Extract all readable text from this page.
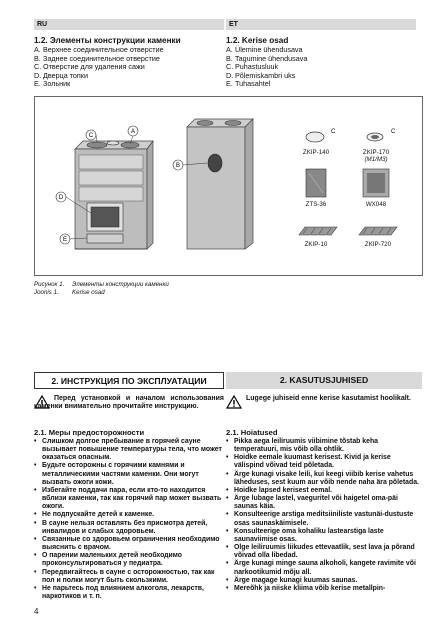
RU	ET
1.2. Элементы конструкции каменки
A. Верхнее соединительное отверстие
B. Заднее соединительное отверстие
C. Отверстие для удаления сажи
D. Дверца топки
E. Зольник
1.2. Kerise osad
A. Ülemine ühendusava
B. Tagumine ühendusava
C. Puhastusluuk
D. Põlemiskambri uks
E. Tuhasahtel
A
B
C
D
E
C	C
ZKIP-140	ZKIP-170
(M1/M3)
ZTS-36	WX048
ZKIP-10	ZKIP-720
Рисунок 1. Элементы конструкции каменки
Joonis 1. Kerise osad
2. ИНСТРУКЦИЯ ПО ЭКСПЛУАТАЦИИ	2. KASUTUSJUHISED
Перед установкой и началом использования каменки внимательно прочитайте инструкцию.
Lugege juhiseid enne kerise kasutamist hoolikalt.
2.1. Меры предосторожности	2.1. Hoiatused
• Слишком долгое пребывание в горячей сауне вызывает повышение температуры тела, что может оказаться опасным.
• Будьте осторожны с горячими камнями и металлическими частями каменки. Они могут вызвать ожоги кожи.
• Избегайте поддачи пара, если кто-то находится вблизи каменки, так как горячий пар может вызвать ожоги.
• Не подпускайте детей к каменке.
• В сауне нельзя оставлять без присмотра детей, инвалидов и слабых здоровьем.
• Связанные со здоровьем ограничения необходимо выяснить с врачом.
• О парении маленьких детей необходимо проконсультироваться у педиатра.
• Передвигайтесь в сауне с осторожностью, так как пол и полки могут быть скользкими.
• Не парьтесь под влиянием алкоголя, лекарств, наркотиков и т. п.
• Pikka aega leiliruumis viibimine tõstab keha temperatuuri, mis võib olla ohtlik.
• Hoidke eemale kuumast kerisest. Kivid ja kerise välispind võivad teid põletada.
• Ärge kunagi visake leili, kui keegi viibib kerise vahetus läheduses, sest kuum aur võib nende naha ära põletada.
• Hoidke lapsed kerisest eemal.
• Ärge lubage lastel, vaeguritel või haigetel oma-päi saunas käia.
• Konsulteerige arstiga meditsiiniliste vastunäi-dustuste osas saunaskäimisele.
• Konsulteerige oma kohaliku lastearstiga laste saunaviimise osas.
• Olge leiliruumis liikudes ettevaatlik, sest lava ja põrand võivad olla libedad.
• Ärge kunagi minge sauna alkoholi, kangete ravimite või narkootikumid mõju all.
• Ärge magage kunagi kuumas saunas.
• Mereõhk ja niiske kliima võib kerise metallpin-
4
